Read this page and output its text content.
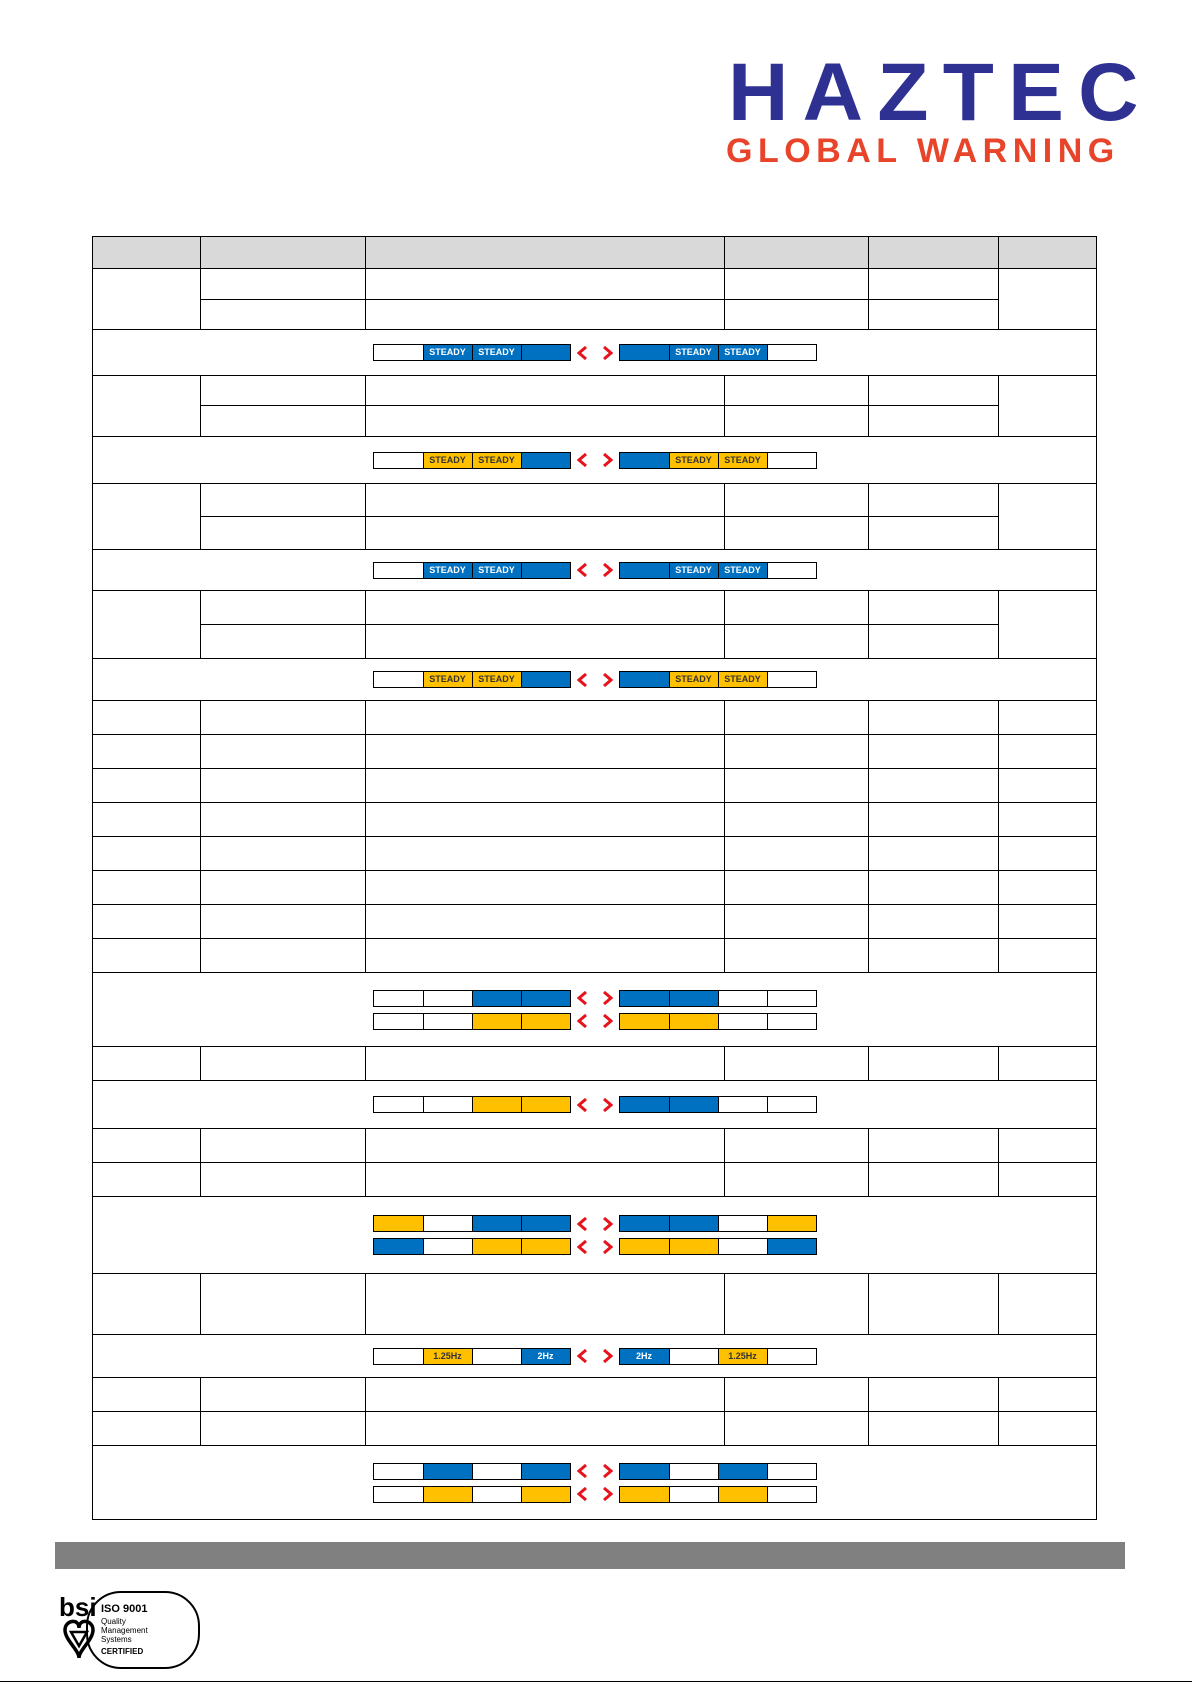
HAZTEC
GLOBAL WARNING

STEADY STEADY STEADY STEADY					

STEADY STEADY STEADY STEADY					

STEADY STEADY STEADY STEADY					

STEADY STEADY STEADY STEADY					

1.25Hz 2Hz 2Hz 1.25Hz					

bsi ISO 9001
Quality
Management
Systems
CERTIFIED
